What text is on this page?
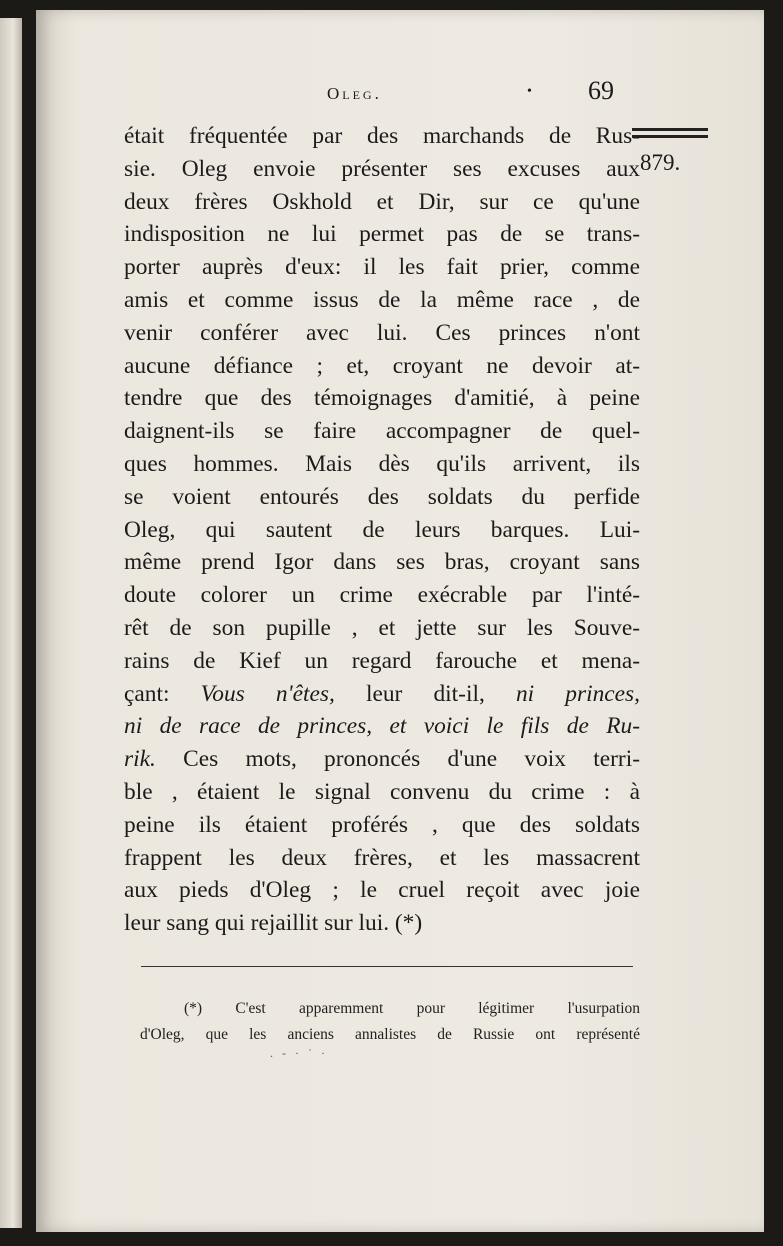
Oleg.	• 69
879.
était fréquentée par des marchands de Rus-
sie. Oleg envoie présenter ses excuses aux
deux frères Oskhold et Dir, sur ce qu'une
indisposition ne lui permet pas de se trans-
porter auprès d'eux: il les fait prier, comme
amis et comme issus de la même race , de
venir conférer avec lui. Ces princes n'ont
aucune défiance ; et, croyant ne devoir at-
tendre que des témoignages d'amitié, à peine
daignent-ils se faire accompagner de quel-
ques hommes. Mais dès qu'ils arrivent, ils
se voient entourés des soldats du perfide
Oleg, qui sautent de leurs barques. Lui-
même prend Igor dans ses bras, croyant sans
doute colorer un crime exécrable par l'inté-
rêt de son pupille , et jette sur les Souve-
rains de Kief un regard farouche et mena-
çant: Vous n'êtes, leur dit-il, ni princes,
ni de race de princes, et voici le fils de Ru-
rik. Ces mots, prononcés d'une voix terri-
ble , étaient le signal convenu du crime : à
peine ils étaient proférés , que des soldats
frappent les deux frères, et les massacrent
aux pieds d'Oleg ; le cruel reçoit avec joie
leur sang qui rejaillit sur lui. (*)
(*) C'est apparemment pour légitimer l'usurpation
d'Oleg, que les anciens annalistes de Russie ont représenté
. - · ˙ ·
